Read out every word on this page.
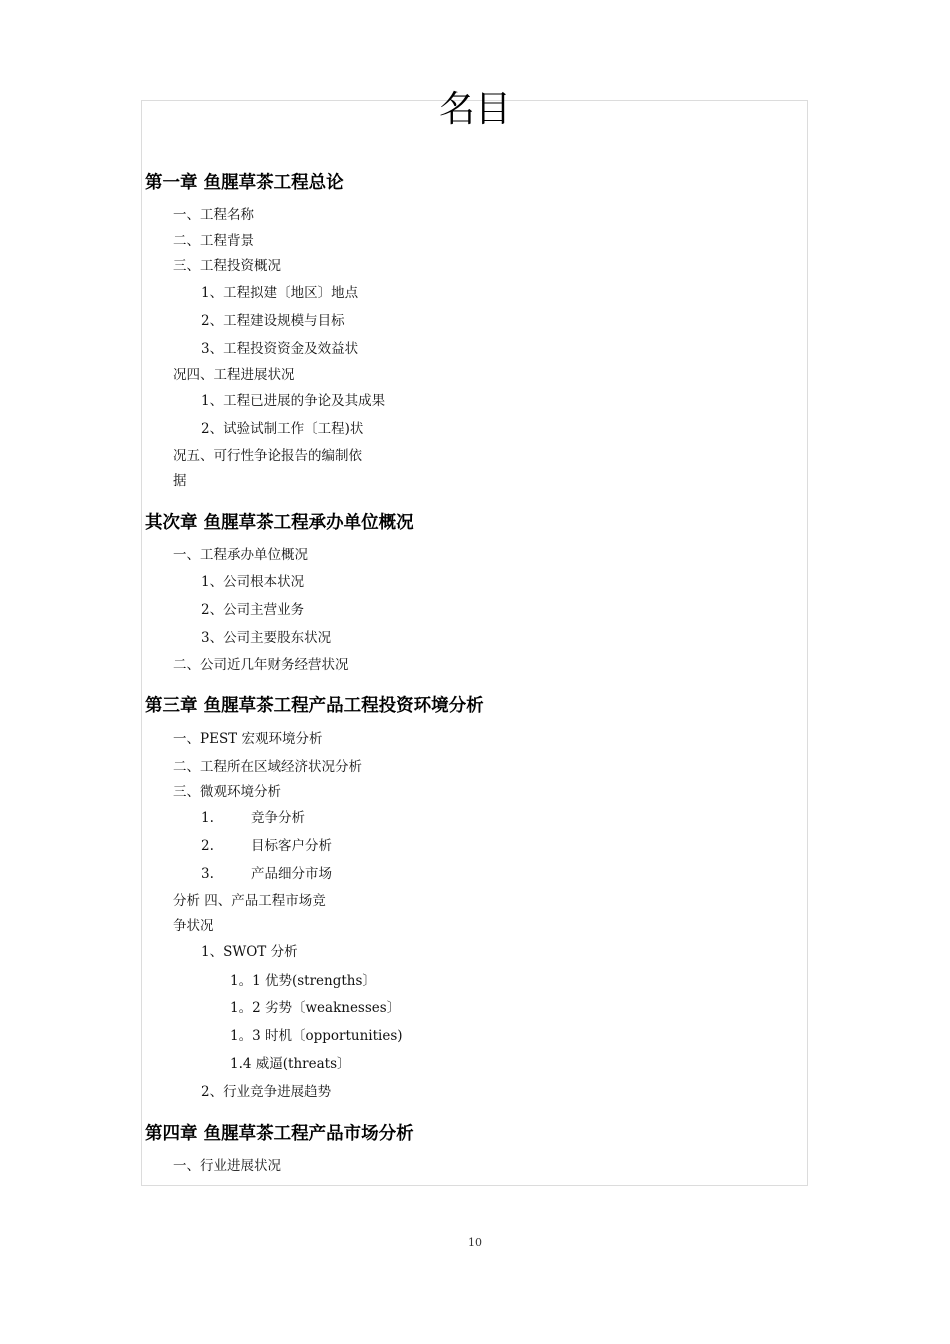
名目
第一章 鱼腥草茶工程总论
一、工程名称
二、工程背景
三、工程投资概况
1、工程拟建〔地区〕地点
2、工程建设规模与目标
3、工程投资资金及效益状
况四、工程进展状况
1、工程已进展的争论及其成果
2、试验试制工作〔工程)状
况五、可行性争论报告的编制依
据
其次章 鱼腥草茶工程承办单位概况
一、工程承办单位概况
1、公司根本状况
2、公司主营业务
3、公司主要股东状况
二、公司近几年财务经营状况
第三章 鱼腥草茶工程产品工程投资环境分析
一、PEST 宏观环境分析
二、工程所在区域经济状况分析
三、微观环境分析
1.	竞争分析
2.	目标客户分析
3.	产品细分市场
分析 四、产品工程市场竞
争状况
1、SWOT 分析
1。1 优势(strengths〕
1。2 劣势〔weaknesses〕
1。3 时机〔opportunities)
1.4 威逼(threats〕
2、行业竞争进展趋势
第四章 鱼腥草茶工程产品市场分析
一、行业进展状况
10
